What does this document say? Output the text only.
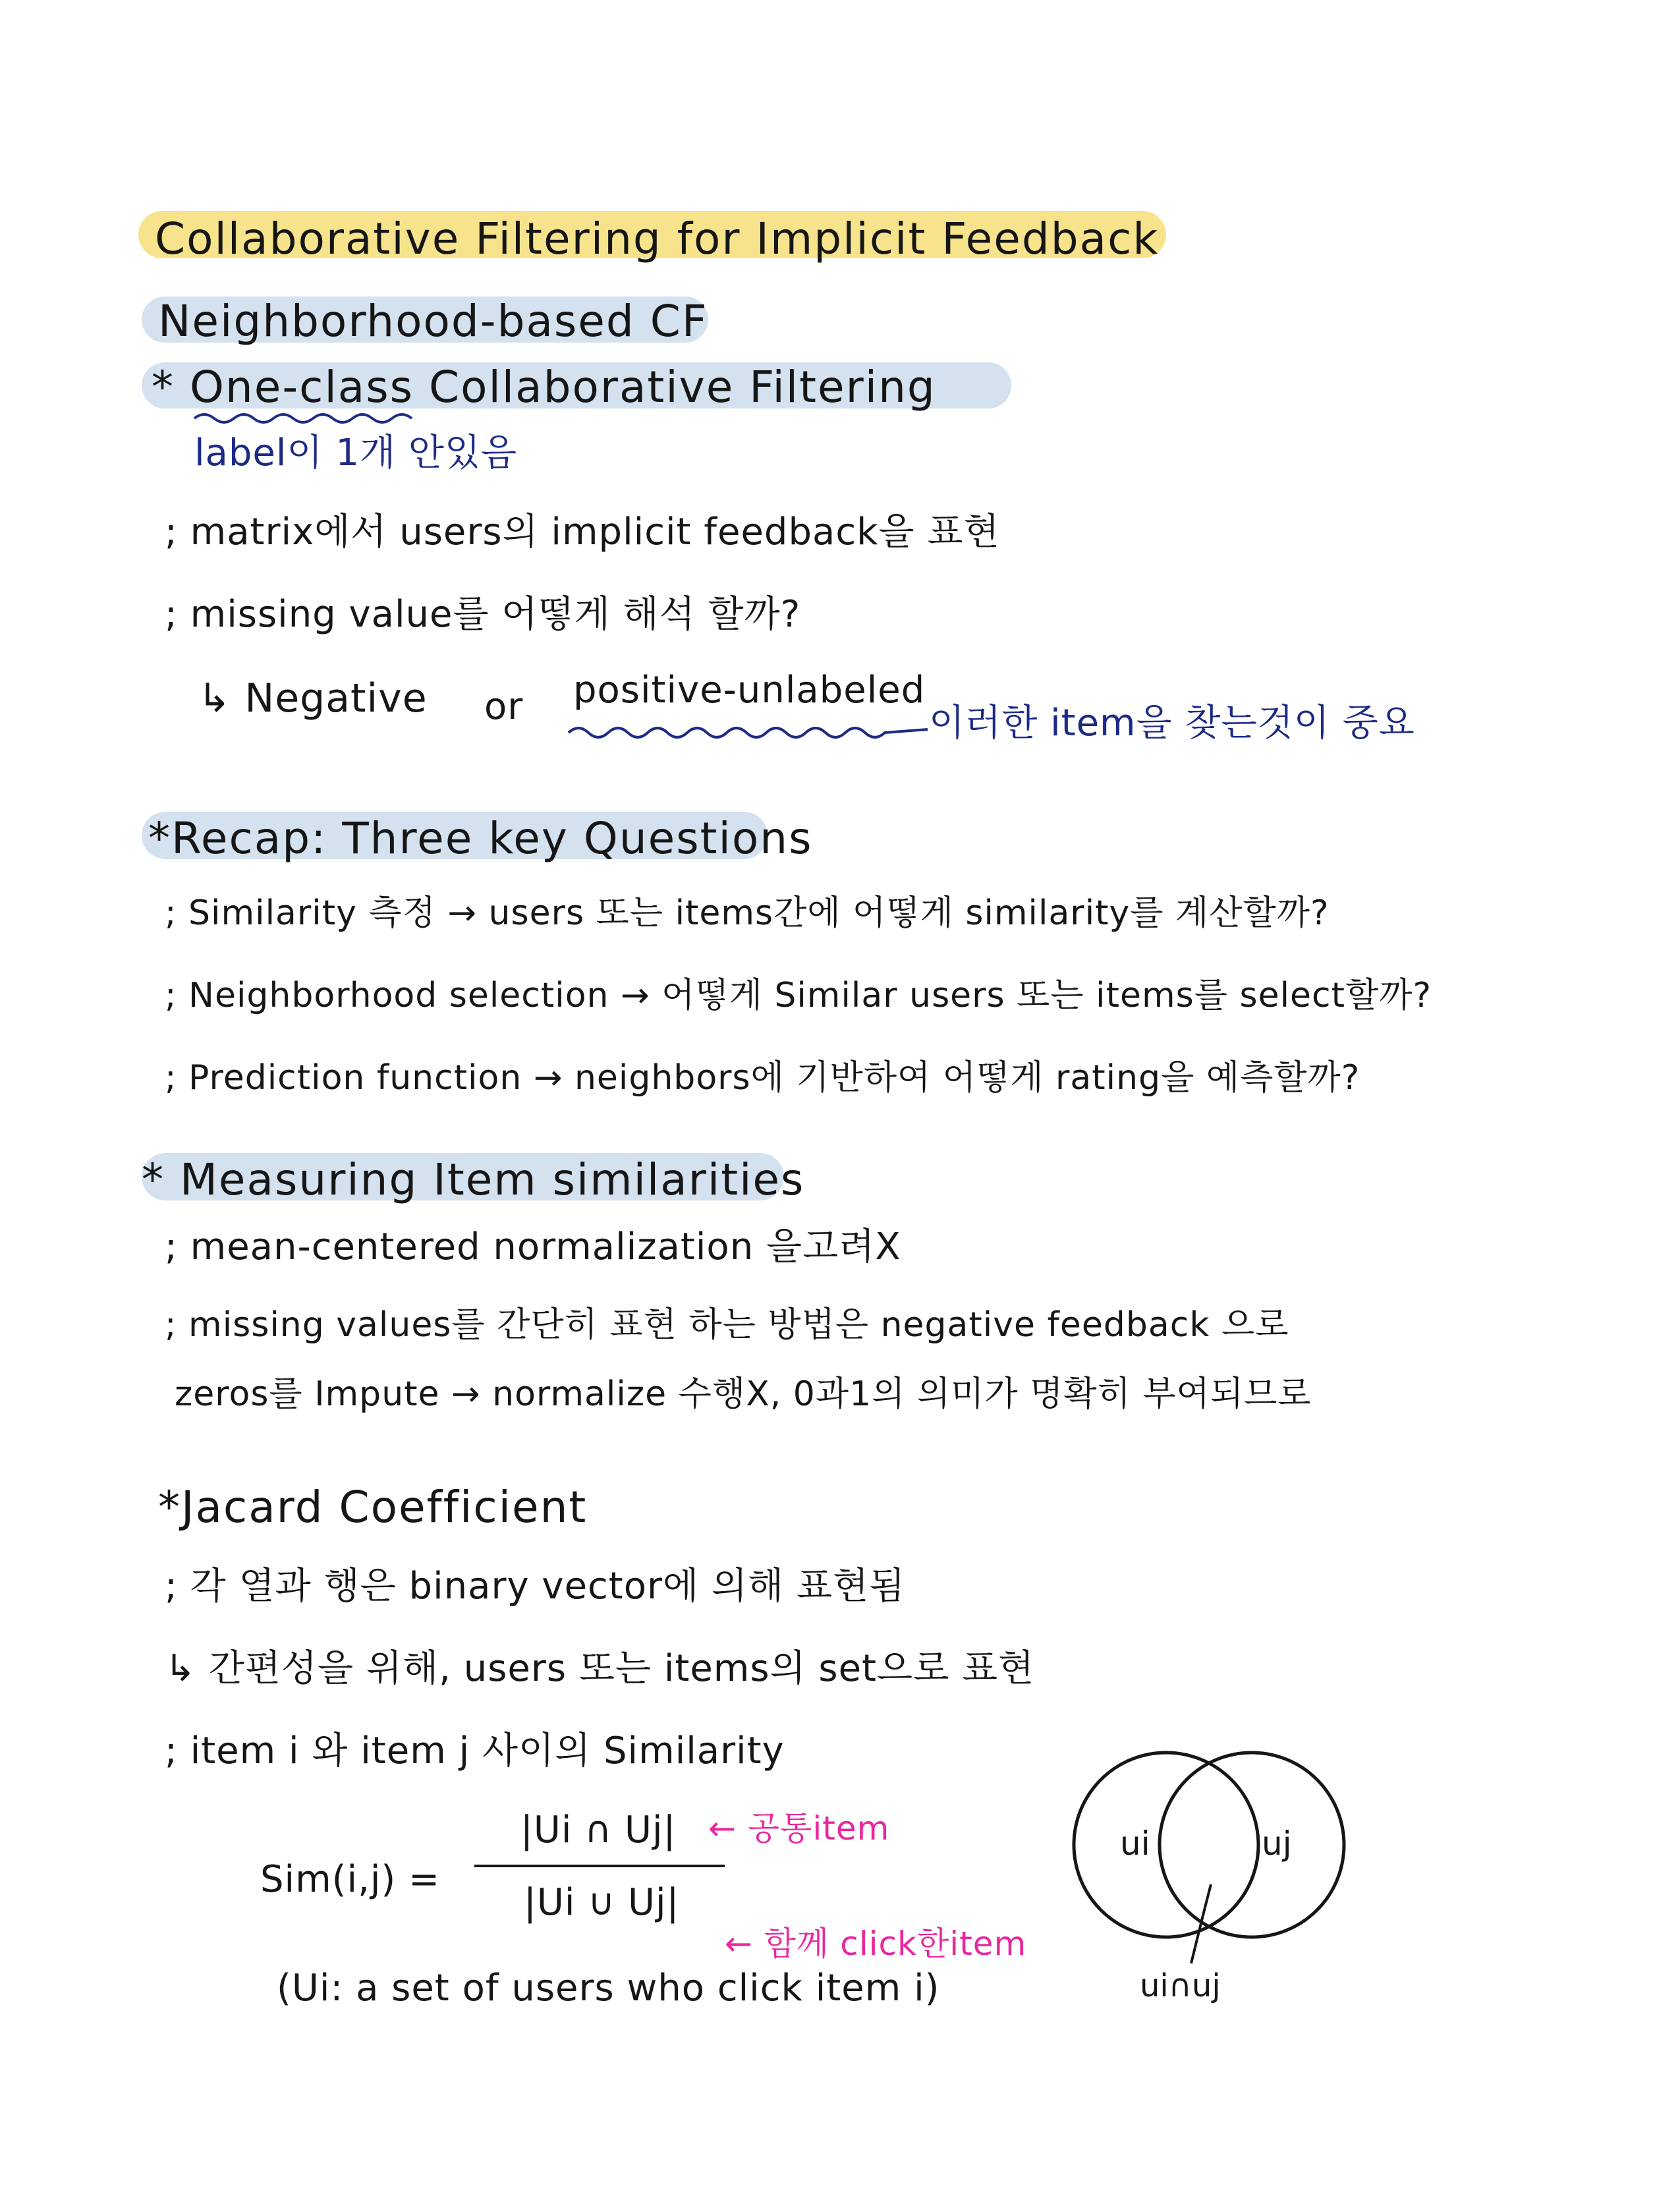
Collaborative Filtering for Implicit Feedback
Neighborhood-based CF
* One-class Collaborative Filtering
label이 1개 안있음
; matrix에서 users의 implicit feedback을 표현
; missing value를 어떻게 해석 할까?
↳ Negative or positive-unlabeled
이러한 item을 찾는것이 중요
*Recap: Three key Questions
; Similarity 측정 → users 또는 items간에 어떻게 similarity를 계산할까?
; Neighborhood selection → 어떻게 Similar users 또는 items를 select할까?
; Prediction function → neighbors에 기반하여 어떻게 rating을 예측할까?
* Measuring Item similarities
; mean-centered normalization 을고려X
; missing values를 간단히 표현 하는 방법은 negative feedback 으로
zeros를 Impute → normalize 수행X, 0과1의 의미가 명확히 부여되므로
*Jacard Coefficient
; 각 열과 행은 binary vector에 의해 표현됨
↳ 간편성을 위해, users 또는 items의 set으로 표현
; item i 와 item j 사이의 Similarity
Sim(i,j) =
|Ui ∩ Uj|
|Ui ∪ Uj|
← 공통item
← 함께 click한item
(Ui: a set of users who click item i)
ui	uj
ui∩uj
